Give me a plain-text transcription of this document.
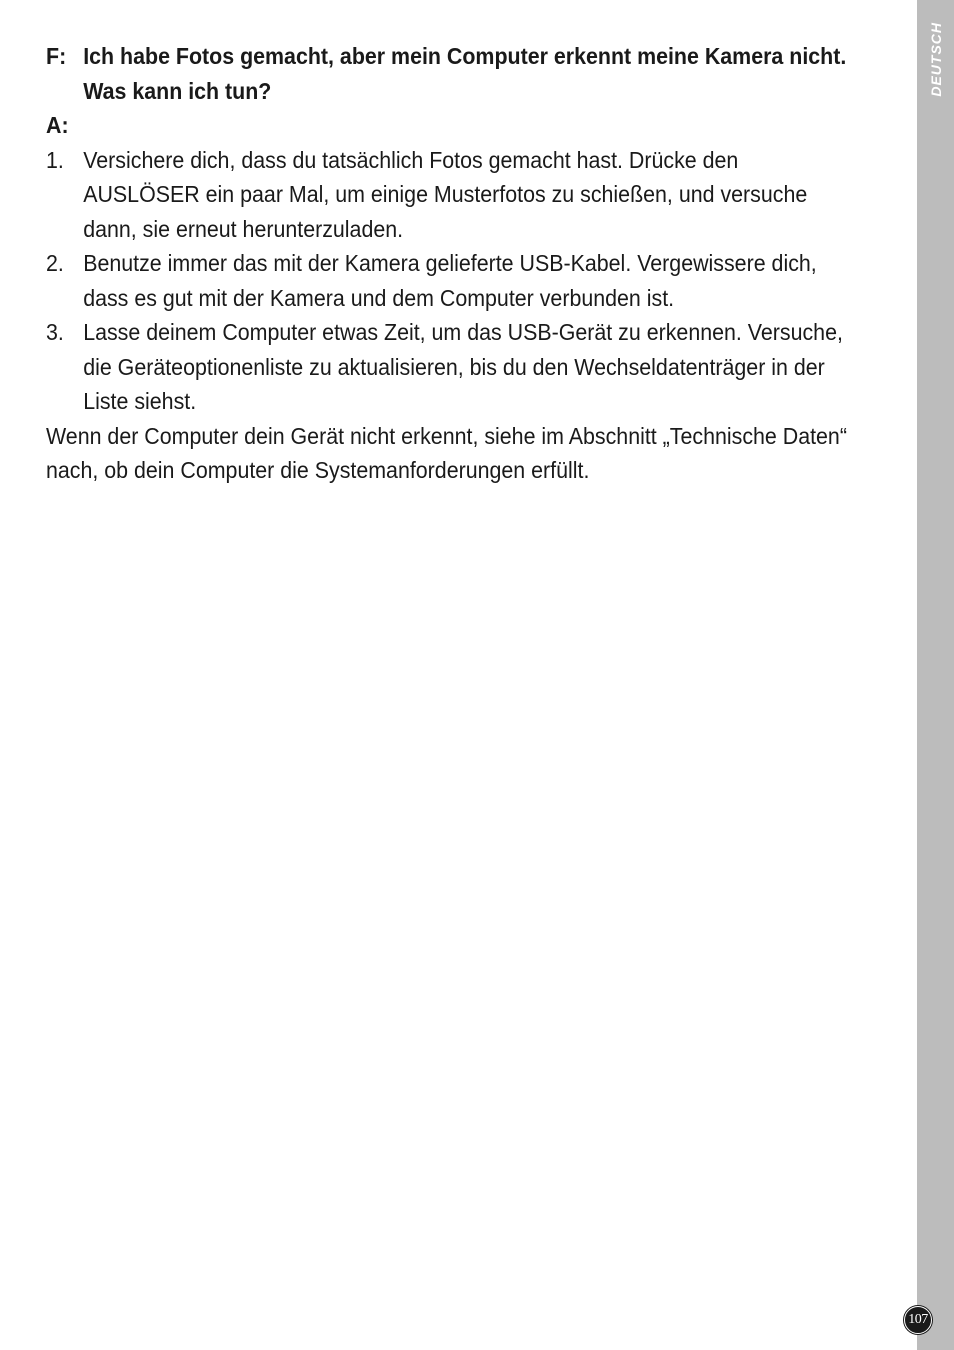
F: Ich habe Fotos gemacht, aber mein Computer erkennt meine Kamera nicht. Was kann ich tun?
A:
1. Versichere dich, dass du tatsächlich Fotos gemacht hast. Drücke den AUSLÖSER ein paar Mal, um einige Musterfotos zu schießen, und versuche dann, sie erneut herunterzuladen.
2. Benutze immer das mit der Kamera gelieferte USB-Kabel. Vergewissere dich, dass es gut mit der Kamera und dem Computer verbunden ist.
3. Lasse deinem Computer etwas Zeit, um das USB-Gerät zu erkennen. Versuche, die Geräteoptionenliste zu aktualisieren, bis du den Wechseldatenträger in der Liste siehst.

Wenn der Computer dein Gerät nicht erkennt, siehe im Abschnitt „Technische Daten“ nach, ob dein Computer die Systemanforderungen erfüllt.

DEUTSCH
107
